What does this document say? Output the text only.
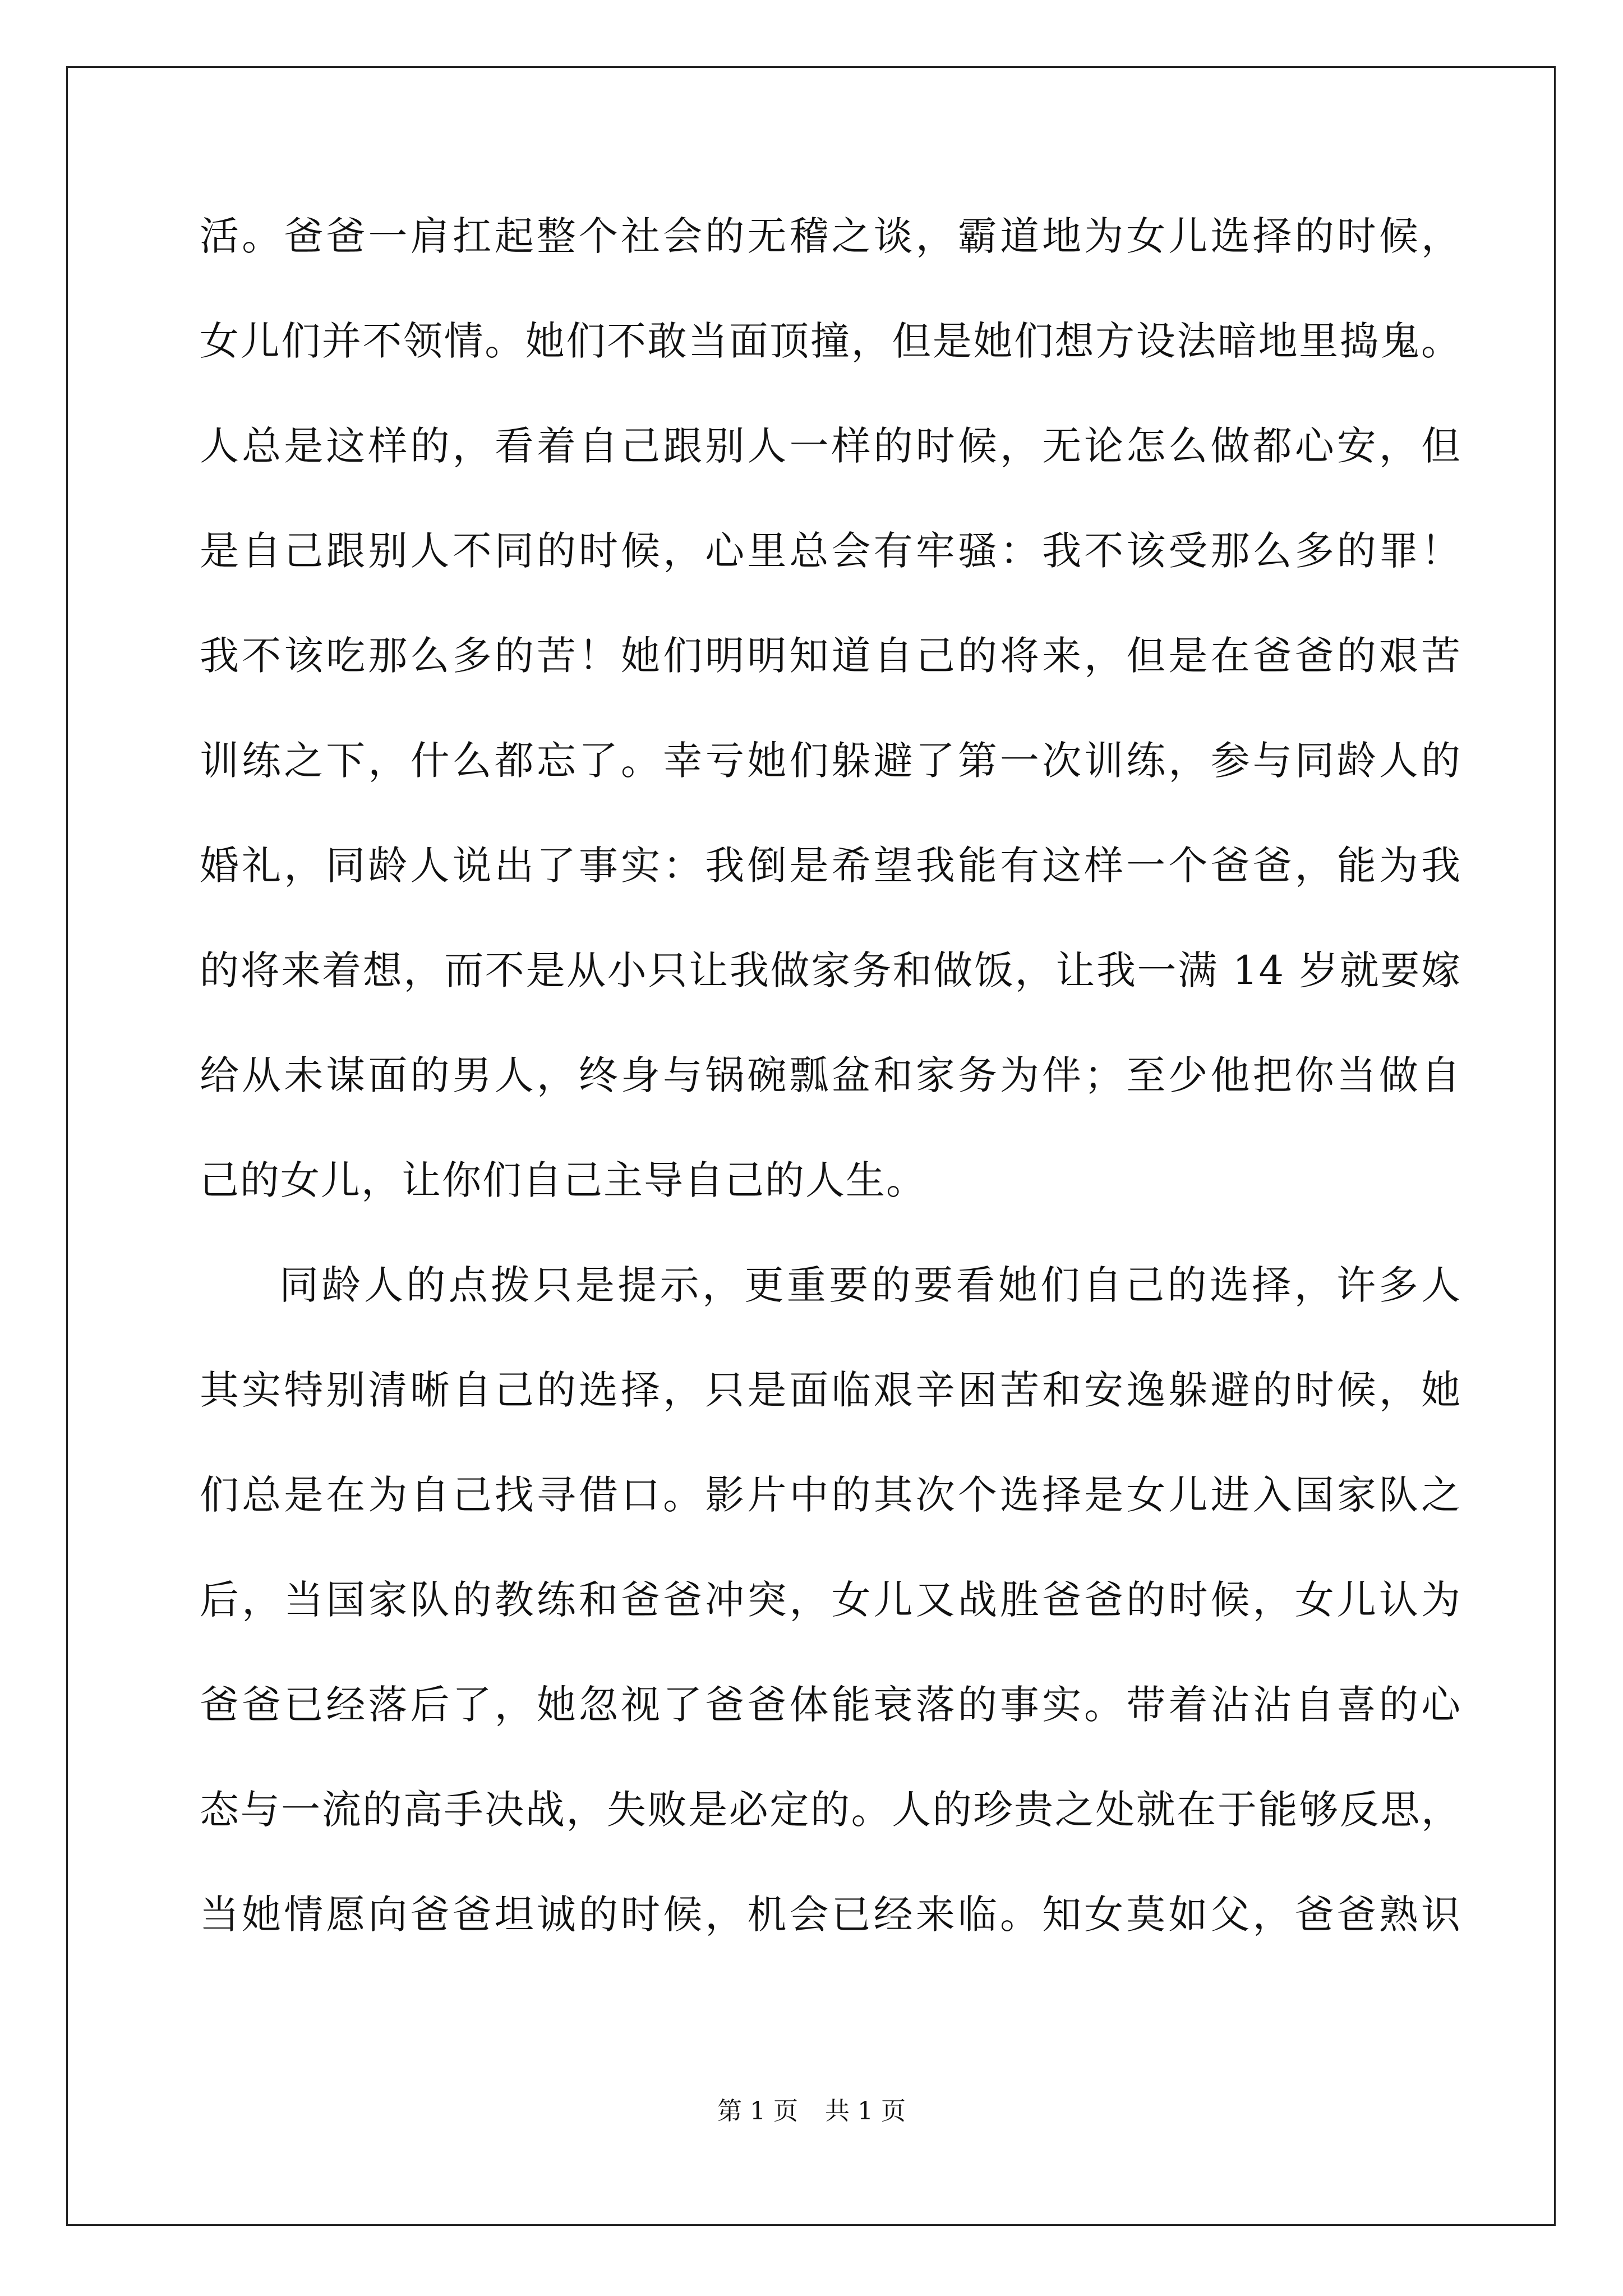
活。爸爸一肩扛起整个社会的无稽之谈，霸道地为女儿选择的时候，
女儿们并不领情。她们不敢当面顶撞，但是她们想方设法暗地里捣鬼。
人总是这样的，看着自己跟别人一样的时候，无论怎么做都心安，但
是自己跟别人不同的时候，心里总会有牢骚：我不该受那么多的罪！
我不该吃那么多的苦！她们明明知道自己的将来，但是在爸爸的艰苦
训练之下，什么都忘了。幸亏她们躲避了第一次训练，参与同龄人的
婚礼，同龄人说出了事实：我倒是希望我能有这样一个爸爸，能为我
的将来着想，而不是从小只让我做家务和做饭，让我一满 14 岁就要嫁
给从未谋面的男人，终身与锅碗瓢盆和家务为伴；至少他把你当做自
己的女儿，让你们自己主导自己的人生。
同龄人的点拨只是提示，更重要的要看她们自己的选择，许多人
其实特别清晰自己的选择，只是面临艰辛困苦和安逸躲避的时候，她
们总是在为自己找寻借口。影片中的其次个选择是女儿进入国家队之
后，当国家队的教练和爸爸冲突，女儿又战胜爸爸的时候，女儿认为
爸爸已经落后了，她忽视了爸爸体能衰落的事实。带着沾沾自喜的心
态与一流的高手决战，失败是必定的。人的珍贵之处就在于能够反思，
当她情愿向爸爸坦诚的时候，机会已经来临。知女莫如父，爸爸熟识
第 1 页 共 1 页
